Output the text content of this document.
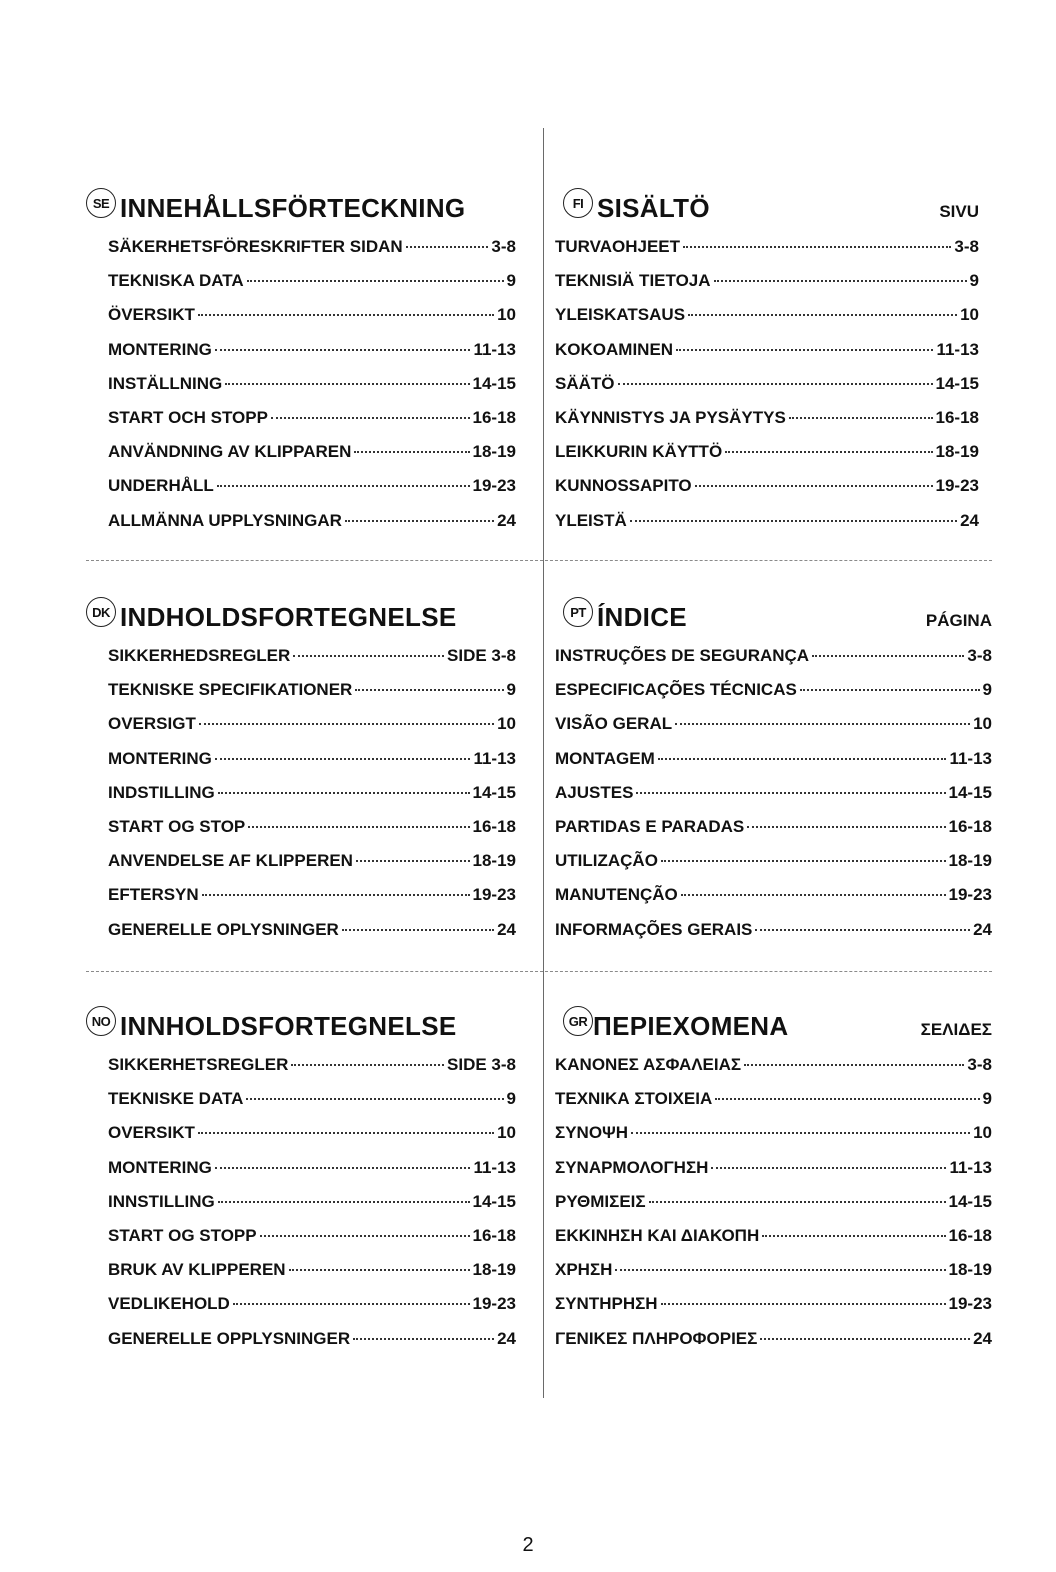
SE INNEHÅLLSFÖRTECKNING
SÄKERHETSFÖRESKRIFTER SIDAN	3-8
TEKNISKA DATA	9
ÖVERSIKT	10
MONTERING	11-13
INSTÄLLNING	14-15
START OCH STOPP	16-18
ANVÄNDNING AV KLIPPAREN	18-19
UNDERHÅLL	19-23
ALLMÄNNA UPPLYSNINGAR	24
FI SISÄLTÖ	SIVU
TURVAOHJEET	3-8
TEKNISIÄ TIETOJA	9
YLEISKATSAUS	10
KOKOAMINEN	11-13
SÄÄTÖ	14-15
KÄYNNISTYS JA PYSÄYTYS	16-18
LEIKKURIN KÄYTTÖ	18-19
KUNNOSSAPITO	19-23
YLEISTÄ	24
DK INDHOLDSFORTEGNELSE
SIKKERHEDSREGLER	SIDE 3-8
TEKNISKE SPECIFIKATIONER	9
OVERSIGT	10
MONTERING	11-13
INDSTILLING	14-15
START OG STOP	16-18
ANVENDELSE AF KLIPPEREN	18-19
EFTERSYN	19-23
GENERELLE OPLYSNINGER	24
PT ÍNDICE	PÁGINA
INSTRUÇÕES DE SEGURANÇA	3-8
ESPECIFICAÇÕES TÉCNICAS	9
VISÃO GERAL	10
MONTAGEM	11-13
AJUSTES	14-15
PARTIDAS E PARADAS	16-18
UTILIZAÇÃO	18-19
MANUTENÇÃO	19-23
INFORMAÇÕES GERAIS	24
NO INNHOLDSFORTEGNELSE
SIKKERHETSREGLER	SIDE 3-8
TEKNISKE DATA	9
OVERSIKT	10
MONTERING	11-13
INNSTILLING	14-15
START OG STOPP	16-18
BRUK AV KLIPPEREN	18-19
VEDLIKEHOLD	19-23
GENERELLE OPPLYSNINGER	24
GR ΠΕΡΙΕΧΟΜΕΝΑ	ΣΕΛΙΔΕΣ
ΚΑΝΟΝΕΣ ΑΣΦΑΛΕΙΑΣ	3-8
ΤΕΧΝΙΚΑ ΣΤΟΙΧΕΙΑ	9
ΣΥΝΟΨΗ	10
ΣΥΝΑΡΜΟΛΟΓΗΣΗ	11-13
ΡΥΘΜΙΣΕΙΣ	14-15
ΕΚΚΙΝΗΣΗ ΚΑΙ ΔΙΑΚΟΠΗ	16-18
ΧΡΗΣΗ	18-19
ΣΥΝΤΗΡΗΣΗ	19-23
ΓΕΝΙΚΕΣ ΠΛΗΡΟΦΟΡΙΕΣ	24
2
